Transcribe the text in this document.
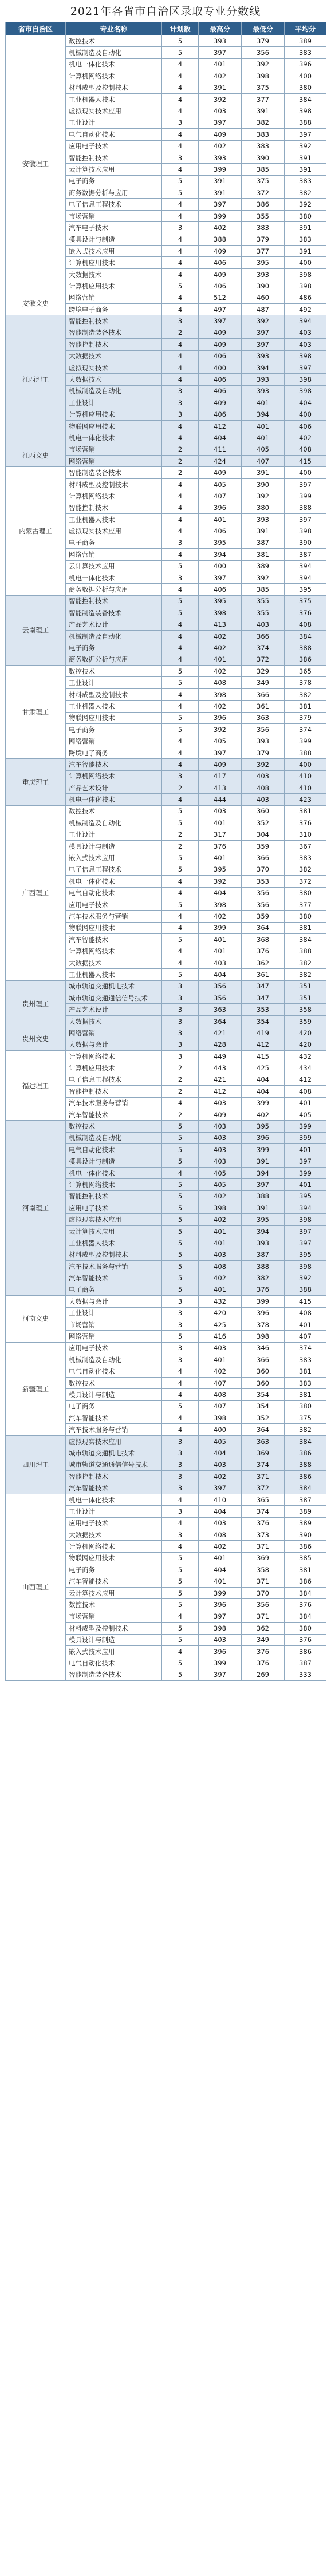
2021年各省市自治区录取专业分数线
省市自治区	专业名称	计划数	最高分	最低分	平均分
安徽理工	数控技术	5	393	379	389
	机械制造及自动化	5	397	356	383
	机电一体化技术	4	401	392	396
	计算机网络技术	4	402	398	400
	材料成型及控制技术	4	391	375	380
	工业机器人技术	4	392	377	384
	虚拟现实技术应用	4	403	391	398
	工业设计	3	397	382	388
	电气自动化技术	4	409	383	397
	应用电子技术	4	402	383	392
	智能控制技术	3	393	390	391
	云计算技术应用	4	399	385	391
	电子商务	5	391	375	383
	商务数据分析与应用	5	391	372	382
	电子信息工程技术	4	397	386	392
	市场营销	4	399	355	380
	汽车电子技术	3	402	383	391
	模具设计与制造	4	388	379	383
	嵌入式技术应用	4	409	377	391
	计算机应用技术	4	406	395	400
	大数据技术	4	409	393	398
	计算机应用技术	5	406	390	398
安徽文史	网络营销	4	512	460	486
	跨境电子商务	4	497	487	492
江西理工	智能控制技术	3	397	392	394
	智能制造装备技术	2	409	397	403
	智能控制技术	4	409	397	403
	大数据技术	4	406	393	398
	虚拟现实技术	4	400	394	397
	大数据技术	4	406	393	398
	机械制造及自动化	3	406	393	398
	工业设计	3	409	401	404
	计算机应用技术	3	406	394	400
	物联网应用技术	4	412	401	406
	机电一体化技术	4	404	401	402
江西文史	市场营销	2	411	405	408
	网络营销	2	424	407	415
内蒙古理工	智能制造装备技术	2	409	391	400
	材料成型及控制技术	4	405	390	397
	计算机网络技术	4	407	392	399
	智能控制技术	4	396	380	388
	工业机器人技术	4	401	393	397
	虚拟现实技术应用	4	406	391	398
	电子商务	3	395	387	390
	网络营销	4	394	381	387
	云计算技术应用	5	400	389	394
	机电一体化技术	3	397	392	394
	商务数据分析与应用	4	406	385	395
云南理工	智能控制技术	5	395	355	375
	智能制造装备技术	5	398	355	376
	产品艺术设计	4	413	403	408
	机械制造及自动化	4	402	366	384
	电子商务	4	402	374	388
	商务数据分析与应用	4	401	372	386
甘肃理工	数控技术	5	402	329	365
	工业设计	5	408	349	378
	材料成型及控制技术	4	398	366	382
	工业机器人技术	4	402	361	381
	物联网应用技术	5	396	363	379
	电子商务	5	392	356	374
	网络营销	4	405	393	399
	跨境电子商务	4	397	379	388
重庆理工	汽车智能技术	4	409	392	400
	计算机网络技术	3	417	403	410
	产品艺术设计	2	413	408	410
	机电一体化技术	4	444	403	423
广西理工	数控技术	5	403	360	381
	机械制造及自动化	5	401	352	376
	工业设计	2	317	304	310
	模具设计与制造	2	376	359	367
	嵌入式技术应用	5	401	366	383
	电子信息工程技术	5	395	370	382
	机电一体化技术	4	392	353	372
	电气自动化技术	4	404	356	380
	应用电子技术	5	398	356	377
	汽车技术服务与营销	4	402	359	380
	物联网应用技术	4	399	364	381
	汽车智能技术	5	401	368	384
	计算机网络技术	4	401	376	388
	大数据技术	4	403	362	382
	工业机器人技术	5	404	361	382
贵州理工	城市轨道交通机电技术	3	356	347	351
	城市轨道交通通信信号技术	3	356	347	351
	产品艺术设计	3	363	353	358
	大数据技术	3	364	354	359
贵州文史	网络营销	3	421	419	420
	大数据与会计	3	428	412	420
福建理工	计算机网络技术	3	449	415	432
	计算机应用技术	2	443	425	434
	电子信息工程技术	2	421	404	412
	智能控制技术	2	412	404	408
	汽车技术服务与营销	4	403	399	401
	汽车智能技术	2	409	402	405
河南理工	数控技术	5	403	395	399
	机械制造及自动化	5	403	396	399
	电气自动化技术	5	403	399	401
	模具设计与制造	5	403	391	397
	机电一体化技术	4	405	394	399
	计算机网络技术	5	405	397	401
	智能控制技术	5	402	388	395
	应用电子技术	5	398	391	394
	虚拟现实技术应用	5	402	395	398
	云计算技术应用	5	401	394	397
	工业机器人技术	5	401	393	397
	材料成型及控制技术	5	403	387	395
	汽车技术服务与营销	5	408	388	398
	汽车智能技术	5	402	382	392
	电子商务	5	401	376	388
河南文史	大数据与会计	3	432	399	415
	工业设计	3	420	396	408
	市场营销	3	425	378	401
	网络营销	5	416	398	407
新疆理工	应用电子技术	3	403	346	374
	机械制造及自动化	3	401	366	383
	电气自动化技术	4	402	360	381
	数控技术	4	407	360	383
	模具设计与制造	4	408	354	381
	电子商务	5	407	354	380
	汽车智能技术	4	398	352	375
	汽车技术服务与营销	4	400	364	382
四川理工	虚拟现实技术应用	3	405	363	384
	城市轨道交通机电技术	3	404	369	386
	城市轨道交通通信信号技术	3	403	374	388
	智能控制技术	3	402	371	386
	汽车智能技术	3	397	372	384
山西理工	机电一体化技术	4	410	365	387
	工业设计	3	404	374	389
	应用电子技术	4	403	376	389
	大数据技术	3	408	373	390
	计算机网络技术	4	402	371	386
	物联网应用技术	5	401	369	385
	电子商务	5	404	358	381
	汽车智能技术	5	401	371	386
	云计算技术应用	5	399	370	384
	数控技术	5	396	356	376
	市场营销	4	397	371	384
	材料成型及控制技术	5	398	362	380
	模具设计与制造	5	403	349	376
	嵌入式技术应用	4	396	376	386
	电气自动化技术	5	399	376	387
	智能制造装备技术	5	397	269	333
